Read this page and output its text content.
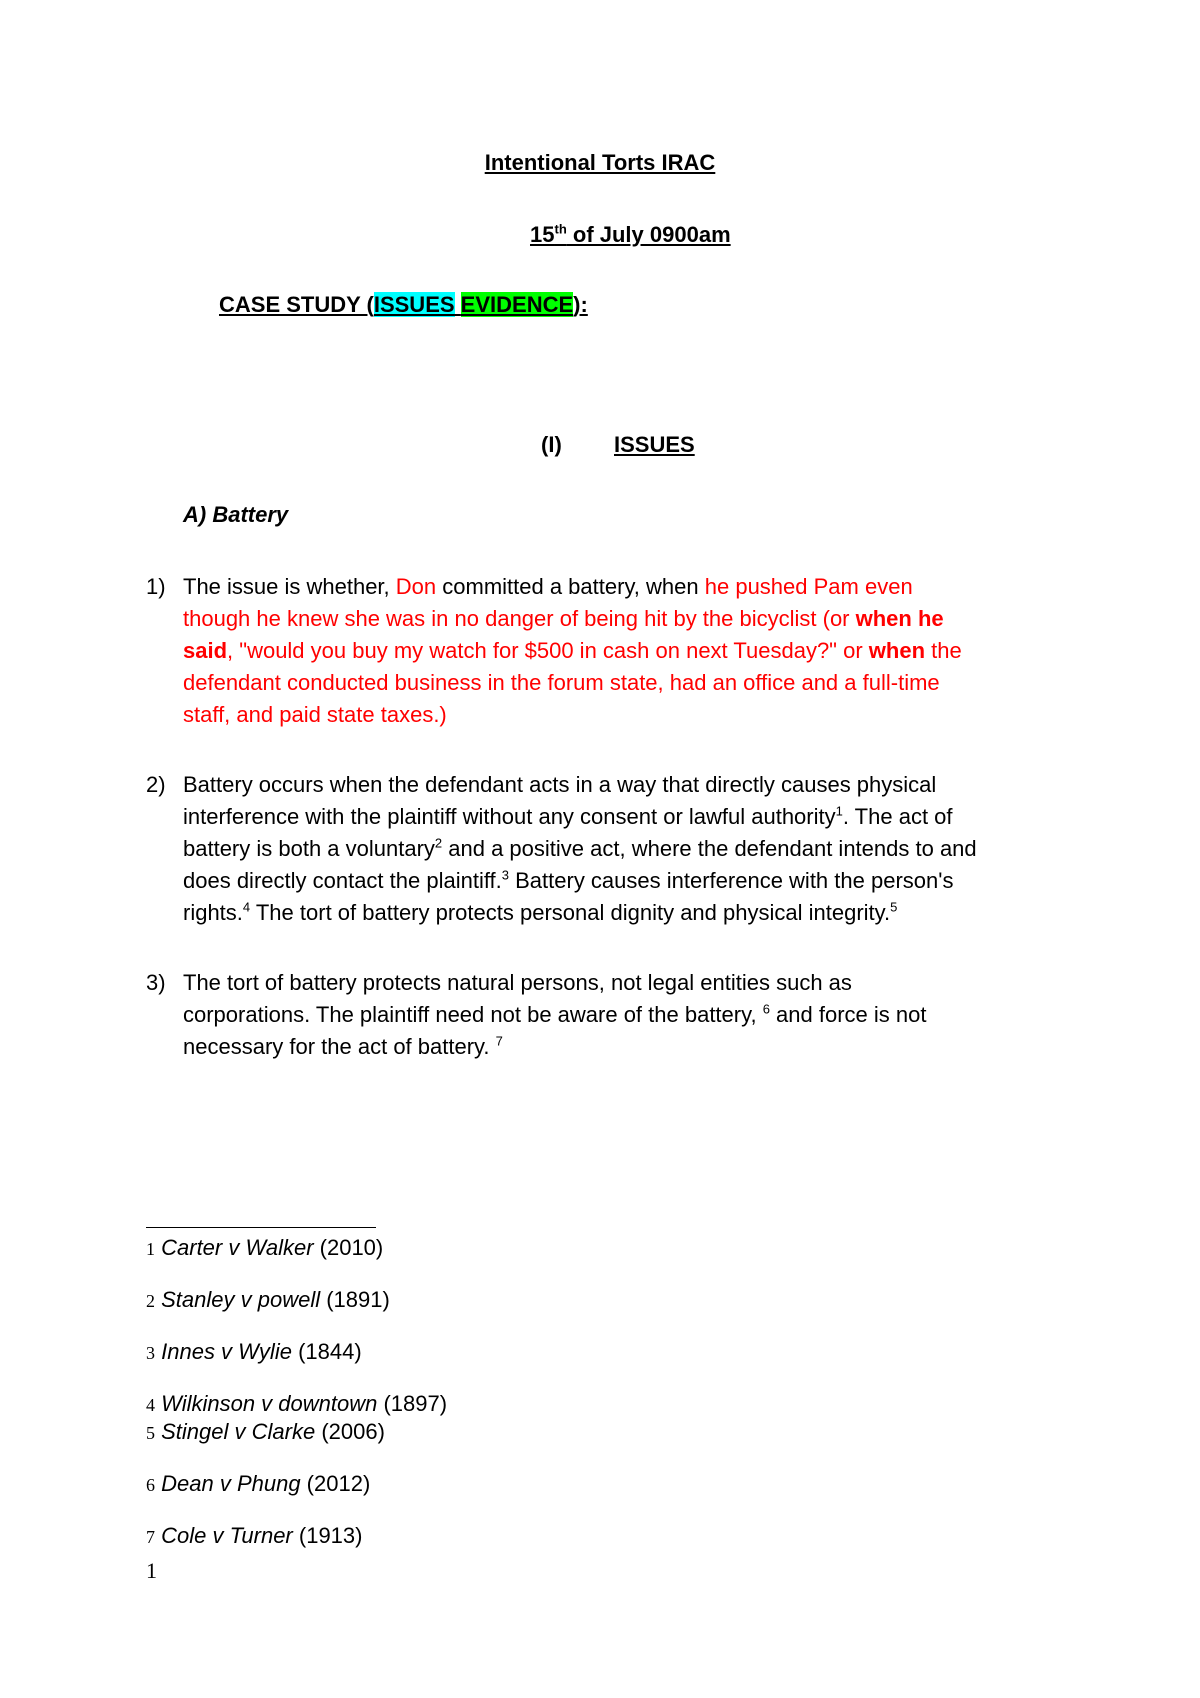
Intentional Torts IRAC
15th of July 0900am
CASE STUDY (ISSUES EVIDENCE):
(I) ISSUES
A) Battery
1) The issue is whether, Don committed a battery, when he pushed Pam even
though he knew she was in no danger of being hit by the bicyclist (or when he
said, "would you buy my watch for $500 in cash on next Tuesday?" or when the
defendant conducted business in the forum state, had an office and a full-time
staff, and paid state taxes.)
2) Battery occurs when the defendant acts in a way that directly causes physical
interference with the plaintiff without any consent or lawful authority$^1$. The act of
battery is both a voluntary$^2$ and a positive act, where the defendant intends to and
does directly contact the plaintiff.$^3$ Battery causes interference with the person's
rights.$^4$ The tort of battery protects personal dignity and physical integrity.$^5$
3) The tort of battery protects natural persons, not legal entities such as
corporations. The plaintiff need not be aware of the battery, $^6$ and force is not
necessary for the act of battery. $^7$
1 Carter v Walker (2010)
2 Stanley v powell (1891)
3 Innes v Wylie (1844)
4 Wilkinson v downtown (1897)
5 Stingel v Clarke (2006)
6 Dean v Phung (2012)
7 Cole v Turner (1913)
1
